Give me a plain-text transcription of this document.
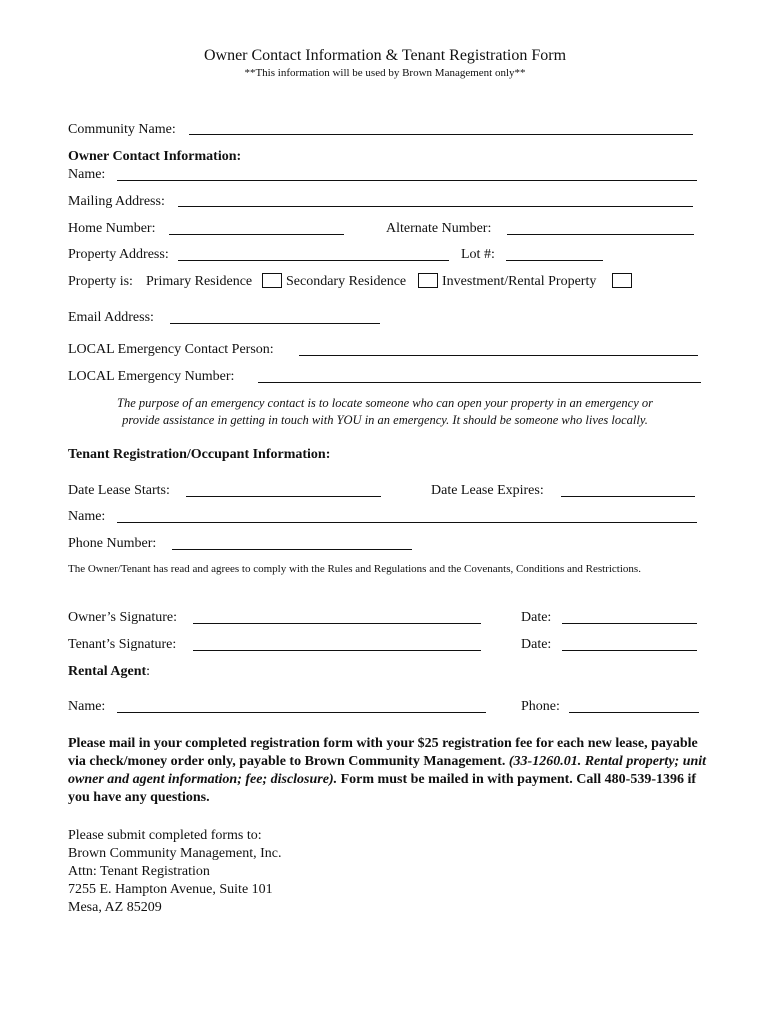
Owner Contact Information & Tenant Registration Form
**This information will be used by Brown Management only**
Community Name:
Owner Contact Information:
Name:
Mailing Address:
Home Number:	Alternate Number:
Property Address:	Lot #:
Property is: Primary Residence Secondary Residence	Investment/Rental Property
Email Address:
LOCAL Emergency Contact Person:
LOCAL Emergency Number:
The purpose of an emergency contact is to locate someone who can open your property in an emergency or
provide assistance in getting in touch with YOU in an emergency. It should be someone who lives locally.
Tenant Registration/Occupant Information:
Date Lease Starts:	Date Lease Expires:
Name:
Phone Number:
The Owner/Tenant has read and agrees to comply with the Rules and Regulations and the Covenants, Conditions and Restrictions.
Owner’s Signature:	Date:
Tenant’s Signature:	Date:
Rental Agent:
Name:	Phone:
Please mail in your completed registration form with your $25 registration fee for each new lease, payable via check/money order only, payable to Brown Community Management. (33-1260.01. Rental property; unit owner and agent information; fee; disclosure). Form must be mailed in with payment. Call 480-539-1396 if you have any questions.
Please submit completed forms to:
Brown Community Management, Inc.
Attn: Tenant Registration
7255 E. Hampton Avenue, Suite 101
Mesa, AZ 85209
